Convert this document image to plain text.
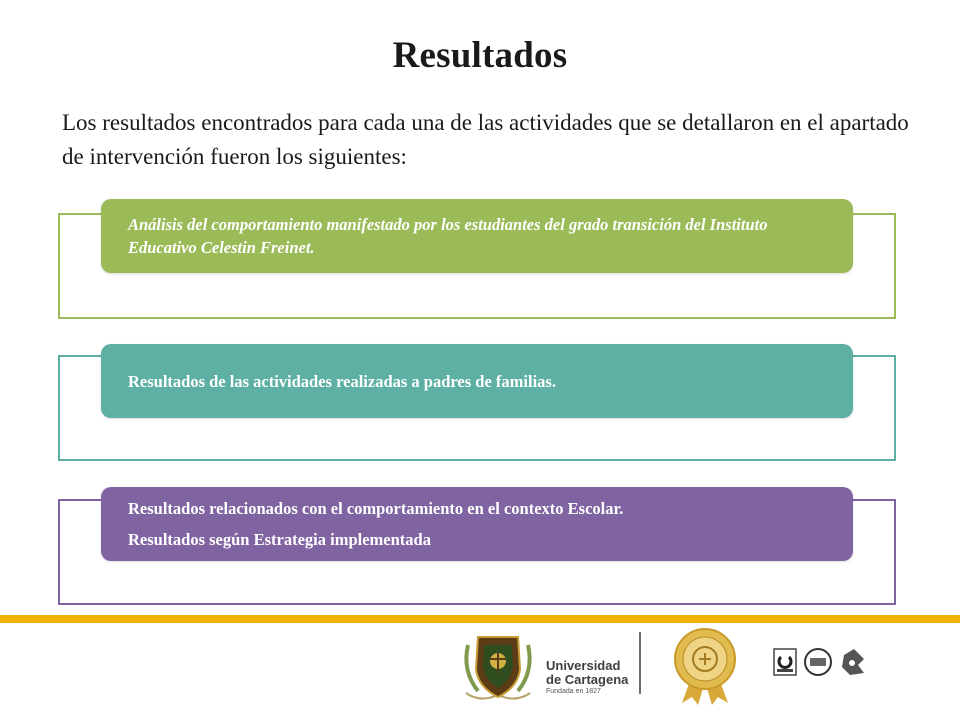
Resultados
Los resultados encontrados para cada una de las actividades que se detallaron en el apartado de intervención fueron los siguientes:
Análisis del comportamiento manifestado por los estudiantes del grado transición del Instituto Educativo Celestin Freinet.
Resultados de las actividades realizadas a padres de familias.
Resultados relacionados con el comportamiento en el contexto Escolar.
Resultados según Estrategia implementada
Universidad
de Cartagena
Fundada en 1827
